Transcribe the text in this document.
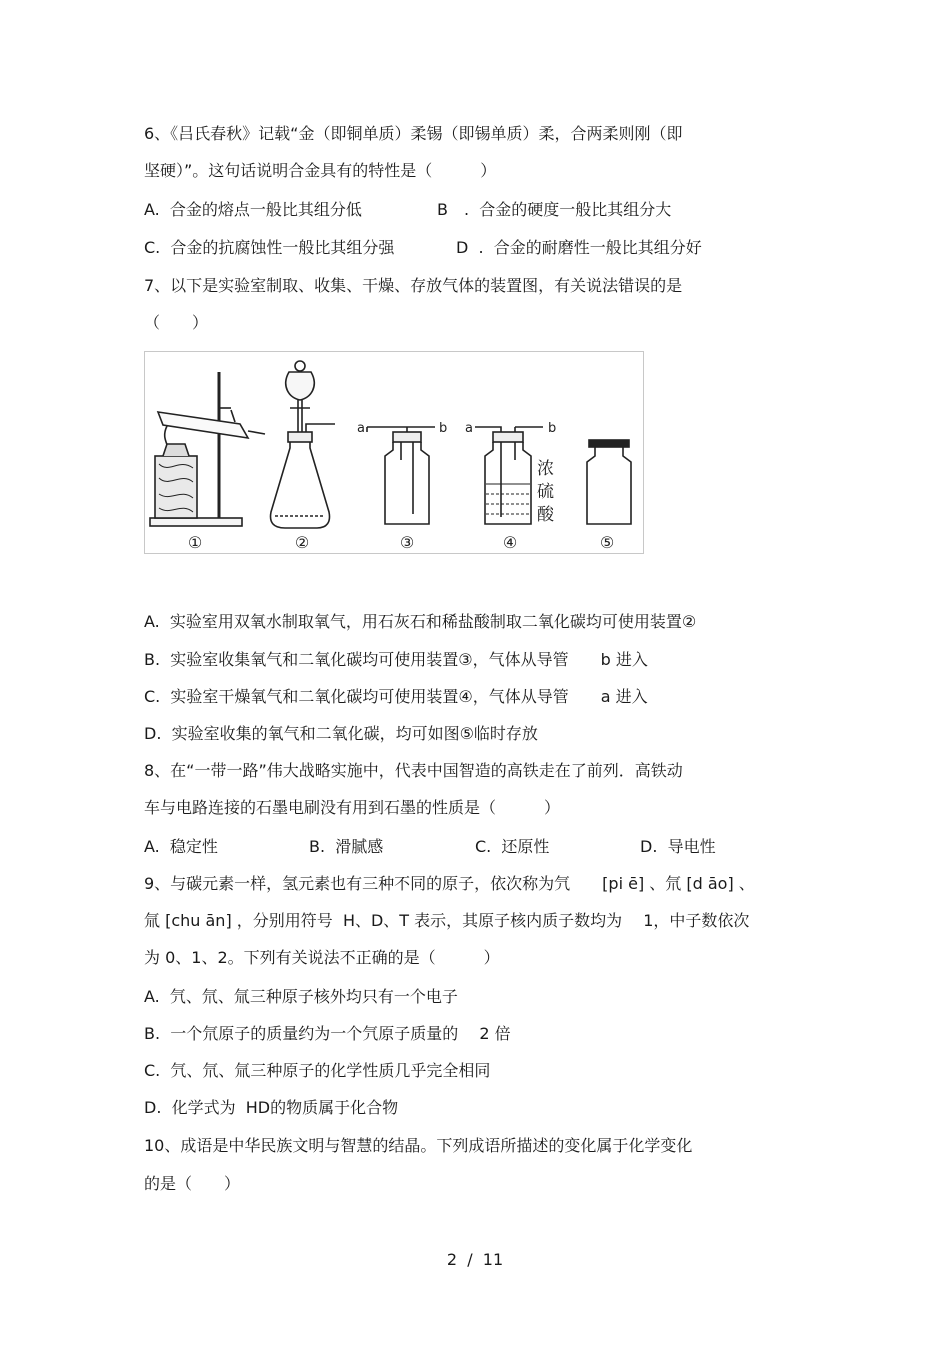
6、《吕氏春秋》记载“金（即铜单质）柔锡（即锡单质）柔，合两柔则刚（即
坚硬）”。这句话说明合金具有的特性是（　　　）
A.  合金的熔点一般比其组分低	B　.  合金的硬度一般比其组分大
C.  合金的抗腐蚀性一般比其组分强	D  .  合金的耐磨性一般比其组分好
7、以下是实验室制取、收集、干燥、存放气体的装置图，有关说法错误的是
（　　）
a	b a	b
浓
硫
酸
①	②	③	④	⑤
A.  实验室用双氧水制取氧气，用石灰石和稀盐酸制取二氧化碳均可使用装置②
B.  实验室收集氧气和二氧化碳均可使用装置③，气体从导管　　b 进入
C.  实验室干燥氧气和二氧化碳均可使用装置④，气体从导管　　a 进入
D.  实验室收集的氧气和二氧化碳，均可如图⑤临时存放
8、在“一带一路”伟大战略实施中，代表中国智造的高铁走在了前列．高铁动
车与电路连接的石墨电刷没有用到石墨的性质是（　　　）
A.  稳定性	B.  滑腻感	C.  还原性	D.  导电性
9、与碳元素一样，氢元素也有三种不同的原子，依次称为氕　　[pi ē] 、氘 [d āo] 、
氚 [chu ān] ，分别用符号  H、D、T 表示，其原子核内质子数均为　 1，中子数依次
为 0、1、2。下列有关说法不正确的是（　　　）
A.  氕、氘、氚三种原子核外均只有一个电子
B.  一个氘原子的质量约为一个氕原子质量的　 2 倍
C.  氕、氘、氚三种原子的化学性质几乎完全相同
D.  化学式为  HD的物质属于化合物
10、成语是中华民族文明与智慧的结晶。下列成语所描述的变化属于化学变化
的是（　　）
2  /  11
